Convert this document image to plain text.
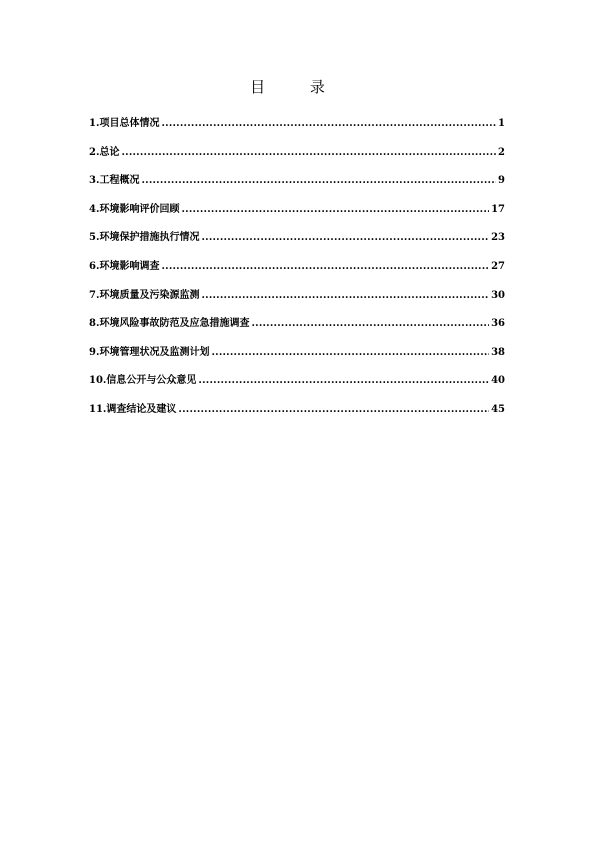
目 录
1.项目总体情况 .....	1
2.总论 .....	2
3.工程概况 .....	9
4.环境影响评价回顾 .....	17
5.环境保护措施执行情况 .....	23
6.环境影响调查 .....	27
7.环境质量及污染源监测 .....	30
8.环境风险事故防范及应急措施调查 .....	36
9.环境管理状况及监测计划 .....	38
10.信息公开与公众意见 .....	40
11.调查结论及建议 .....	45
